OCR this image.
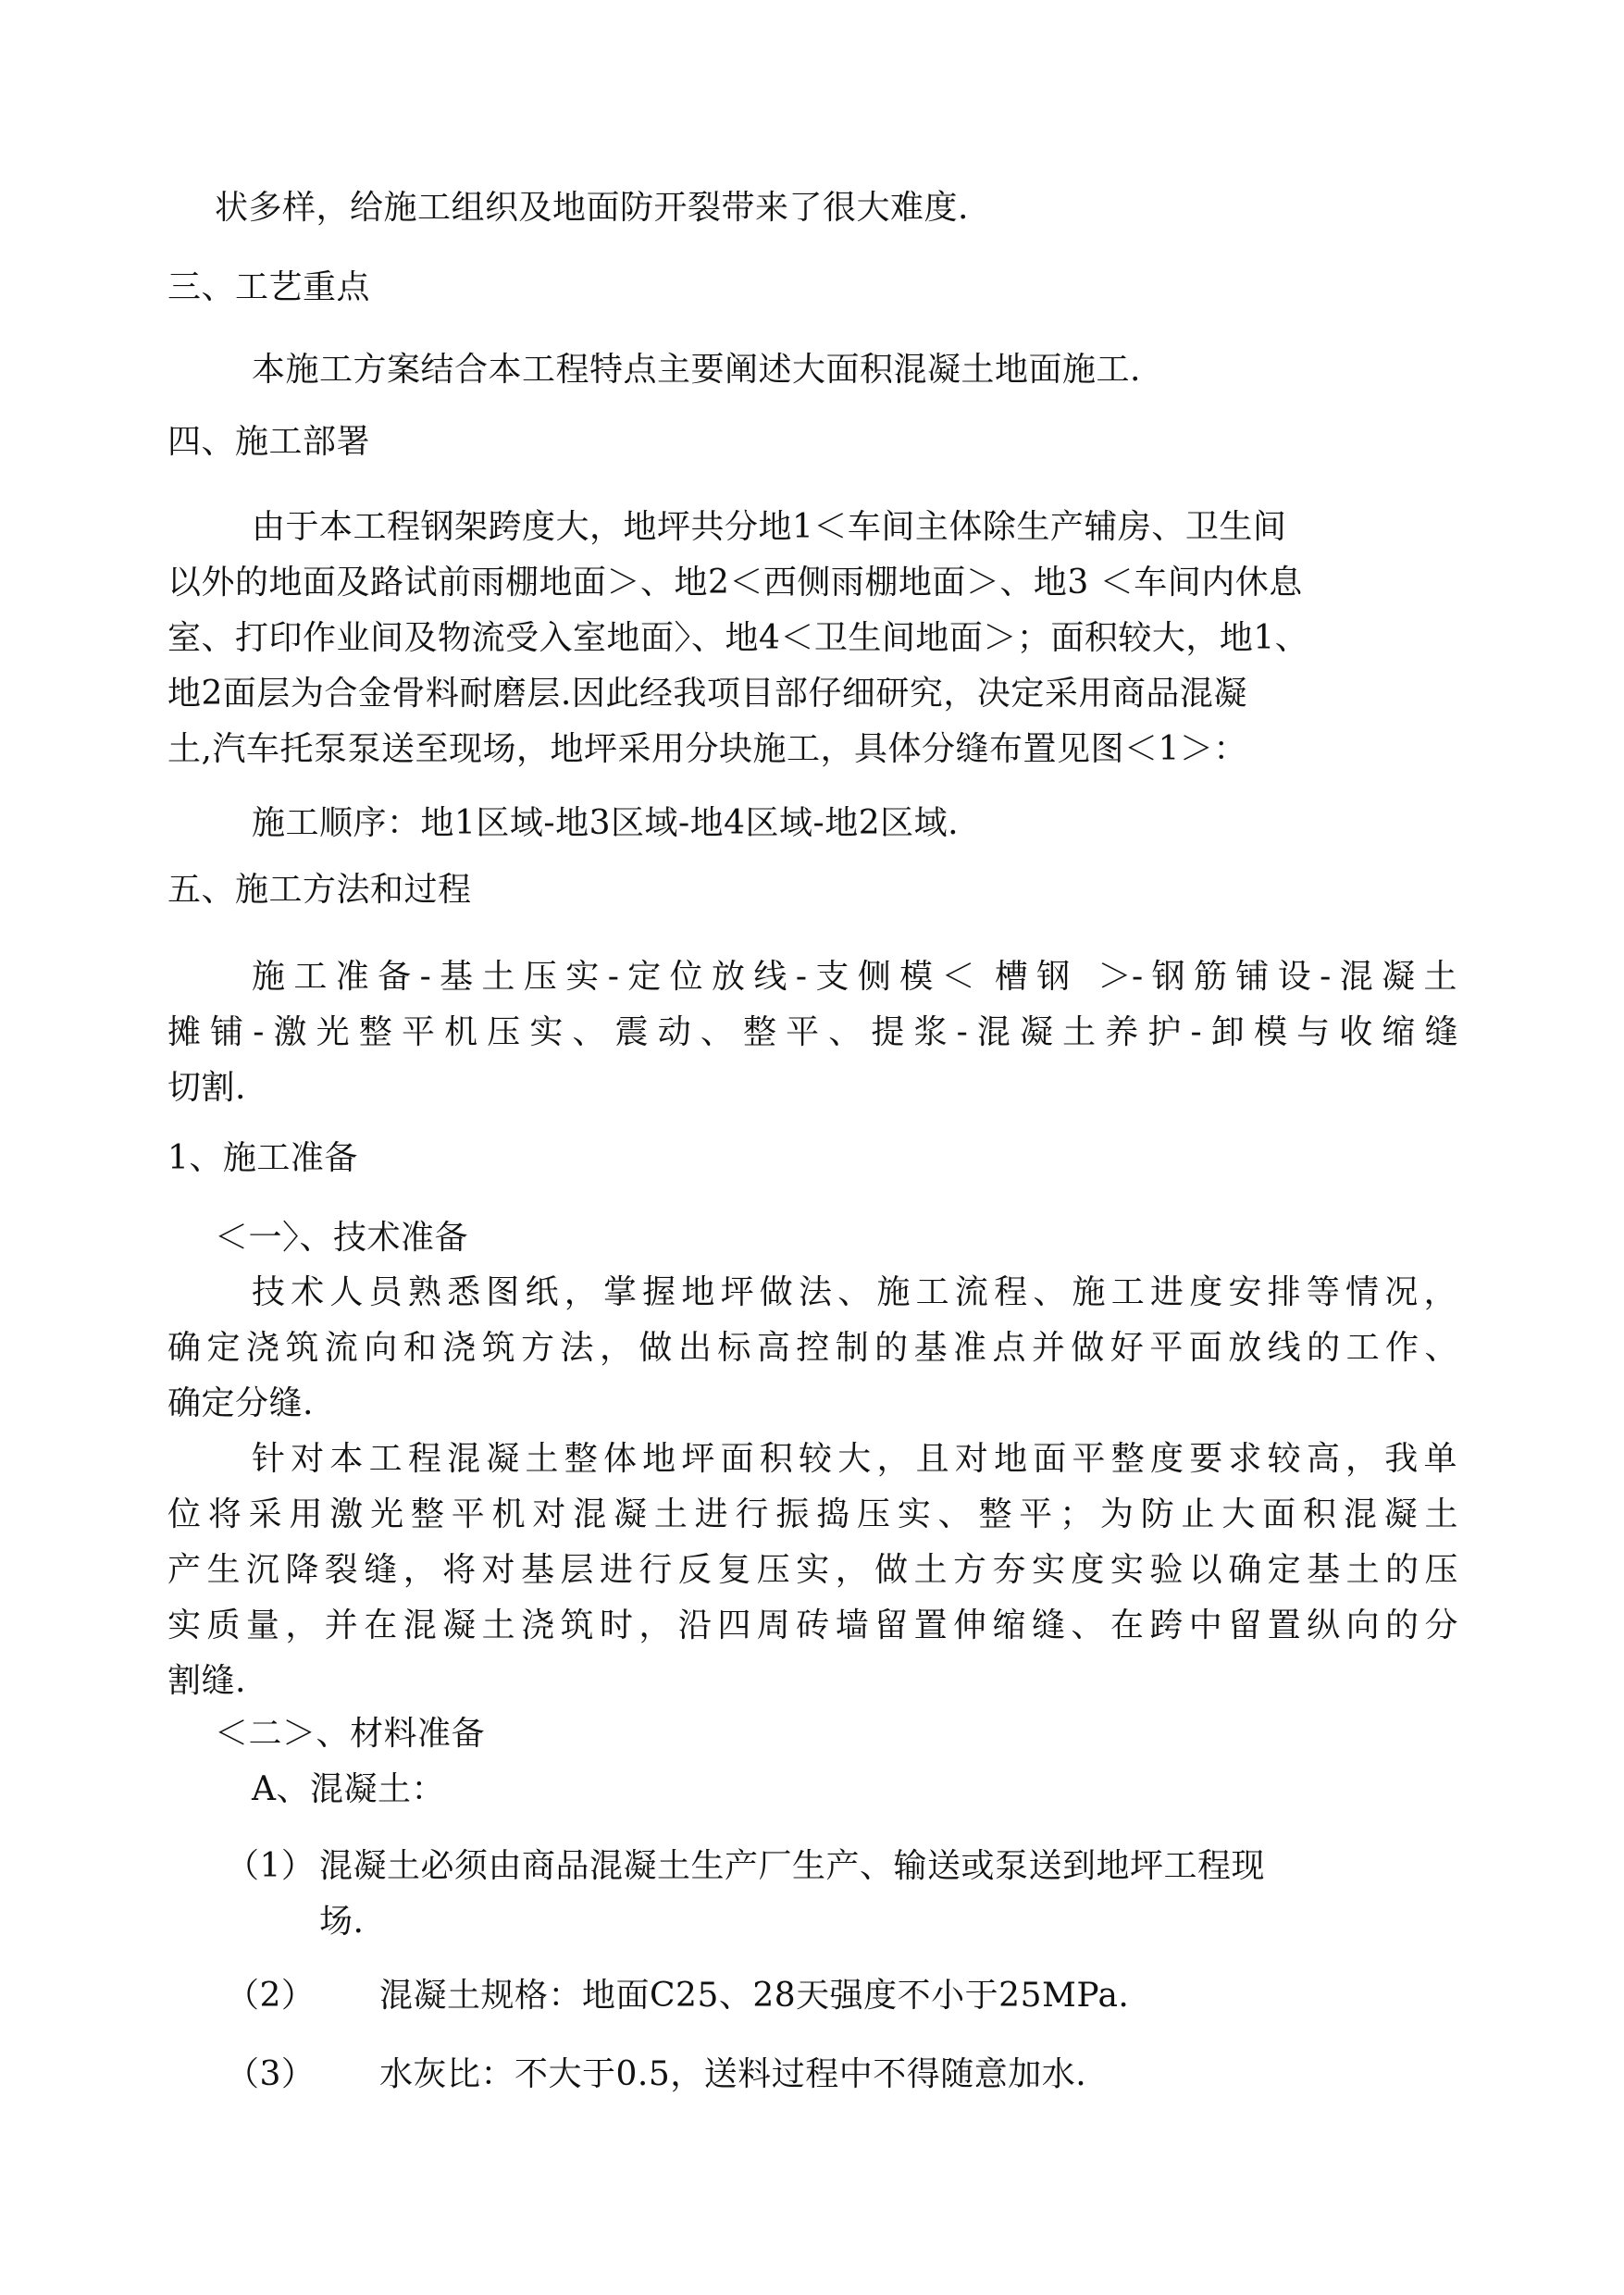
状多样，给施工组织及地面防开裂带来了很大难度.
三、工艺重点
本施工方案结合本工程特点主要阐述大面积混凝土地面施工.
四、施工部署
由于本工程钢架跨度大，地坪共分地1＜车间主体除生产辅房、卫生间
以外的地面及路试前雨棚地面＞、地2＜西侧雨棚地面＞、地3 ＜车间内休息
室、打印作业间及物流受入室地面〉、地4＜卫生间地面＞；面积较大，地1、
地2面层为合金骨料耐磨层.因此经我项目部仔细研究，决定采用商品混凝
土,汽车托泵泵送至现场，地坪采用分块施工，具体分缝布置见图＜1＞：
施工顺序：地1区域-地3区域-地4区域-地2区域.
五、施工方法和过程
施工准备-基土压实-定位放线-支侧模＜ 槽钢 ＞-钢筋铺设-混凝土
摊铺-激光整平机压实、震动、整平、提浆-混凝土养护-卸模与收缩缝
切割.
1、施工准备
＜一〉、技术准备
技术人员熟悉图纸，掌握地坪做法、施工流程、施工进度安排等情况，
确定浇筑流向和浇筑方法，做出标高控制的基准点并做好平面放线的工作、
确定分缝.
针对本工程混凝土整体地坪面积较大，且对地面平整度要求较高，我单
位将采用激光整平机对混凝土进行振捣压实、整平；为防止大面积混凝土
产生沉降裂缝，将对基层进行反复压实，做土方夯实度实验以确定基土的压
实质量，并在混凝土浇筑时，沿四周砖墙留置伸缩缝、在跨中留置纵向的分
割缝.
＜二＞、材料准备
A、混凝土：
（1） 混凝土必须由商品混凝土生产厂生产、输送或泵送到地坪工程现
场.
（2） 混凝土规格：地面C25、28天强度不小于25MPa.
（3） 水灰比：不大于0.5，送料过程中不得随意加水.
